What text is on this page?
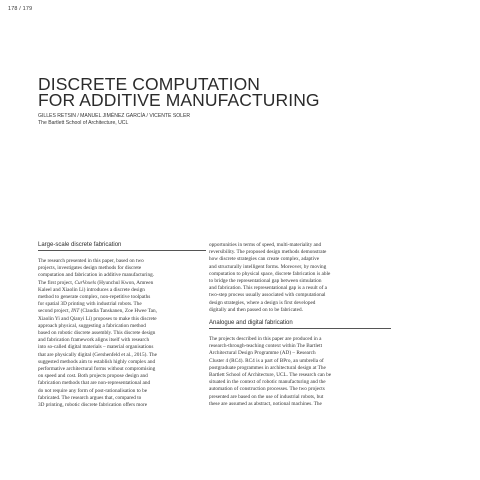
178 / 179
DISCRETE COMPUTATION
FOR ADDITIVE MANUFACTURING
GILLES RETSIN / MANUEL JIMÉNEZ GARCÍA / VICENTE SOLER
The Bartlett School of Architecture, UCL
Large-scale discrete fabrication
The research presented in this paper, based on two
projects, investigates design methods for discrete
computation and fabrication in additive manufacturing.
The first project, CurVoxels (Hyunchul Kwon, Amreen
Kaleel and Xiaolin Li) introduces a discrete design
method to generate complex, non-repetitive toolpaths
for spatial 3D printing with industrial robots. The
second project, INT (Claudia Tanskanen, Zoe Hwee Tan,
Xiaolin Yi and Qianyi Li) proposes to make this discrete
approach physical, suggesting a fabrication method
based on robotic discrete assembly. This discrete design
and fabrication framework aligns itself with research
into so-called digital materials – material organisations
that are physically digital (Gershenfeld et al., 2015). The
suggested methods aim to establish highly complex and
performative architectural forms without compromising
on speed and cost. Both projects propose design and
fabrication methods that are non-representational and
do not require any form of post-rationalisation to be
fabricated. The research argues that, compared to
3D printing, robotic discrete fabrication offers more
opportunities in terms of speed, multi-materiality and
reversibility. The proposed design methods demonstrate
how discrete strategies can create complex, adaptive
and structurally intelligent forms. Moreover, by moving
computation to physical space, discrete fabrication is able
to bridge the representational gap between simulation
and fabrication. This representational gap is a result of a
two-step process usually associated with computational
design strategies, where a design is first developed
digitally and then passed on to be fabricated.
Analogue and digital fabrication
The projects described in this paper are produced in a
research-through-teaching context within The Bartlett
Architectural Design Programme (AD) – Research
Cluster 4 (RC4). RC4 is a part of BPro, an umbrella of
postgraduate programmes in architectural design at The
Bartlett School of Architecture, UCL. The research can be
situated in the context of robotic manufacturing and the
automation of construction processes. The two projects
presented are based on the use of industrial robots, but
these are assumed as abstract, notional machines. The
